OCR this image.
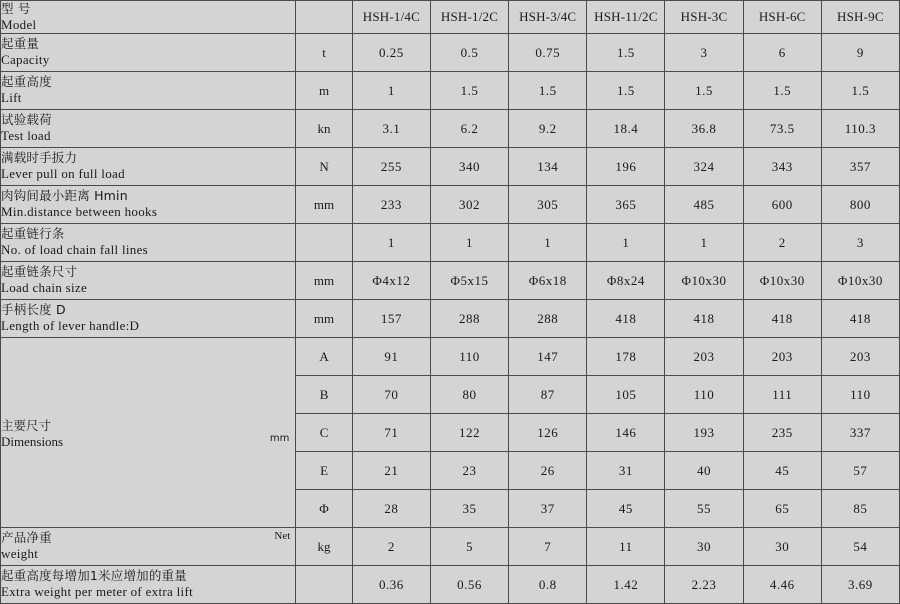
型 号
Model		HSH-1/4C	HSH-1/2C	HSH-3/4C	HSH-11/2C	HSH-3C	HSH-6C	HSH-9C

起重量
Capacity	t	0.25	0.5	0.75	1.5	3	6	9

起重高度
Lift	m	1	1.5	1.5	1.5	1.5	1.5	1.5

试验载荷
Test load	kn	3.1	6.2	9.2	18.4	36.8	73.5	110.3

满载时手扳力
Lever pull on full load	N	255	340	134	196	324	343	357

肉钩间最小距离 Hmin
Min.distance between hooks	mm	233	302	305	365	485	600	800

起重链行条
No. of load chain fall lines		1	1	1	1	1	2	3

起重链条尺寸
Load chain size	mm	Φ4x12	Φ5x15	Φ6x18	Φ8x24	Φ10x30	Φ10x30	Φ10x30

手柄长度 D
Length of lever handle:D	mm	157	288	288	418	418	418	418

主要尺寸
Dimensions mm	A	91	110	147	178	203	203	203
	B	70	80	87	105	110	111	110
	C	71	122	126	146	193	235	337
	E	21	23	26	31	40	45	57
	Φ	28	35	37	45	55	65	85

Net
产品净重
weight	kg	2	5	7	11	30	30	54

起重高度每增加1米应增加的重量
Extra weight per meter of extra lift		0.36	0.56	0.8	1.42	2.23	4.46	3.69
